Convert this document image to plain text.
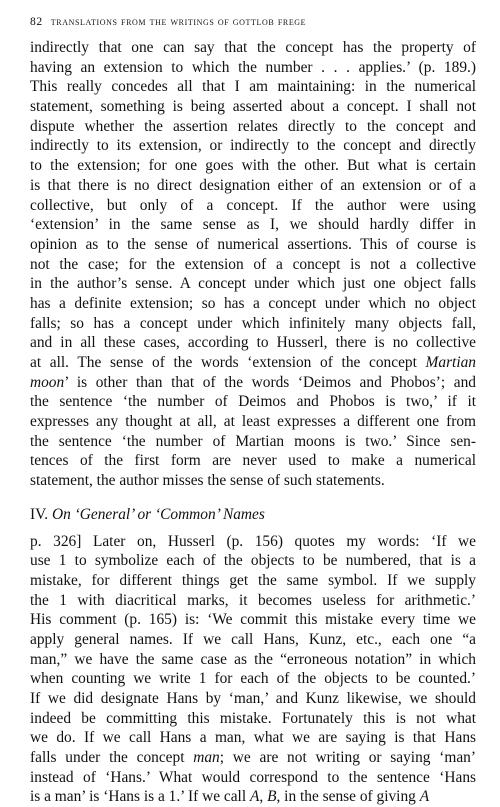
82 translations from the writings of gottlob frege
indirectly that one can say that the concept has the property of
having an extension to which the number . . . applies.’ (p. 189.)
This really concedes all that I am maintaining: in the numerical
statement, something is being asserted about a concept. I shall not
dispute whether the assertion relates directly to the concept and
indirectly to its extension, or indirectly to the concept and directly
to the extension; for one goes with the other. But what is certain
is that there is no direct designation either of an extension or of a
collective, but only of a concept. If the author were using
‘extension’ in the same sense as I, we should hardly differ in
opinion as to the sense of numerical assertions. This of course is
not the case; for the extension of a concept is not a collective
in the author’s sense. A concept under which just one object falls
has a definite extension; so has a concept under which no object
falls; so has a concept under which infinitely many objects fall,
and in all these cases, according to Husserl, there is no collective
at all. The sense of the words ‘extension of the concept Martian
moon’ is other than that of the words ‘Deimos and Phobos’; and
the sentence ‘the number of Deimos and Phobos is two,’ if it
expresses any thought at all, at least expresses a different one from
the sentence ‘the number of Martian moons is two.’ Since sen-
tences of the first form are never used to make a numerical
statement, the author misses the sense of such statements.
IV. On ‘General’ or ‘Common’ Names
p. 326] Later on, Husserl (p. 156) quotes my words: ‘If we
use 1 to symbolize each of the objects to be numbered, that is a
mistake, for different things get the same symbol. If we supply
the 1 with diacritical marks, it becomes useless for arithmetic.’
His comment (p. 165) is: ‘We commit this mistake every time we
apply general names. If we call Hans, Kunz, etc., each one “a
man,” we have the same case as the “erroneous notation” in which
when counting we write 1 for each of the objects to be counted.’
If we did designate Hans by ‘man,’ and Kunz likewise, we should
indeed be committing this mistake. Fortunately this is not what
we do. If we call Hans a man, what we are saying is that Hans
falls under the concept man; we are not writing or saying ‘man’
instead of ‘Hans.’ What would correspond to the sentence ‘Hans
is a man’ is ‘Hans is a 1.’ If we call A, B, in the sense of giving A
